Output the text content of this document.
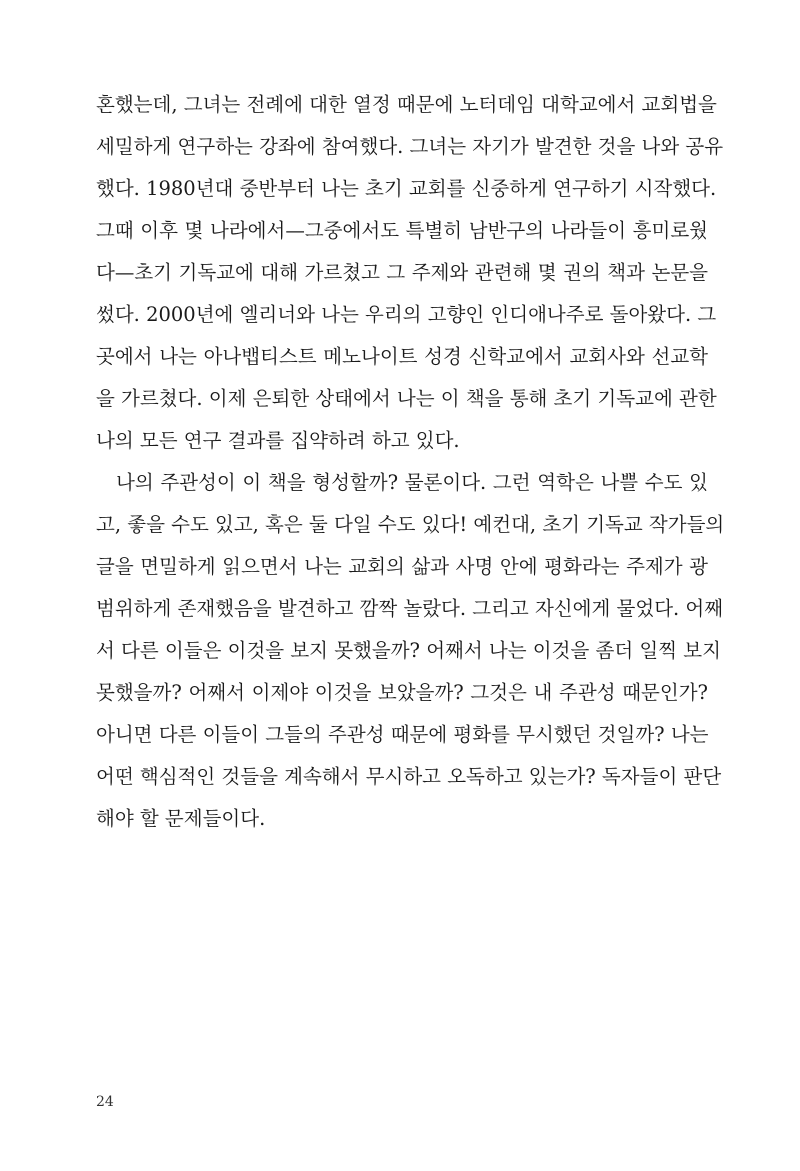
혼했는데, 그녀는 전례에 대한 열정 때문에 노터데임 대학교에서 교회법을
세밀하게 연구하는 강좌에 참여했다. 그녀는 자기가 발견한 것을 나와 공유
했다. 1980년대 중반부터 나는 초기 교회를 신중하게 연구하기 시작했다.
그때 이후 몇 나라에서—그중에서도 특별히 남반구의 나라들이 흥미로웠
다—초기 기독교에 대해 가르쳤고 그 주제와 관련해 몇 권의 책과 논문을
썼다. 2000년에 엘리너와 나는 우리의 고향인 인디애나주로 돌아왔다. 그
곳에서 나는 아나뱁티스트 메노나이트 성경 신학교에서 교회사와 선교학
을 가르쳤다. 이제 은퇴한 상태에서 나는 이 책을 통해 초기 기독교에 관한
나의 모든 연구 결과를 집약하려 하고 있다.
나의 주관성이 이 책을 형성할까? 물론이다. 그런 역학은 나쁠 수도 있
고, 좋을 수도 있고, 혹은 둘 다일 수도 있다! 예컨대, 초기 기독교 작가들의
글을 면밀하게 읽으면서 나는 교회의 삶과 사명 안에 평화라는 주제가 광
범위하게 존재했음을 발견하고 깜짝 놀랐다. 그리고 자신에게 물었다. 어째
서 다른 이들은 이것을 보지 못했을까? 어째서 나는 이것을 좀더 일찍 보지
못했을까? 어째서 이제야 이것을 보았을까? 그것은 내 주관성 때문인가?
아니면 다른 이들이 그들의 주관성 때문에 평화를 무시했던 것일까? 나는
어떤 핵심적인 것들을 계속해서 무시하고 오독하고 있는가? 독자들이 판단
해야 할 문제들이다.
24
